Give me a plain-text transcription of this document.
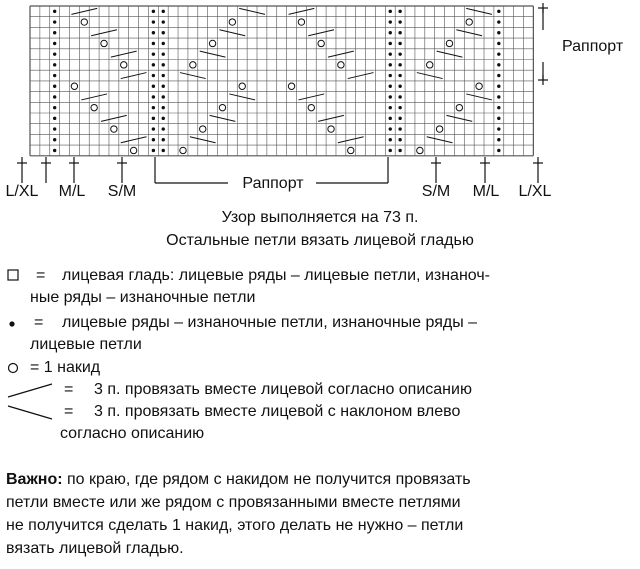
Раппорт
Раппорт
L/XL	M/L	S/M	S/M	M/L	L/XL
Узор выполняется на 73 п.
Остальные петли вязать лицевой гладью
= лицевая гладь: лицевые ряды – лицевые петли, изнаноч-
ные ряды – изнаночные петли
= лицевые ряды – изнаночные петли, изнаночные ряды –
лицевые петли
= 1 накид
= 3 п. провязать вместе лицевой согласно описанию
= 3 п. провязать вместе лицевой с наклоном влево
согласно описанию
Важно: по краю, где рядом с накидом не получится провязать
петли вместе или же рядом с провязанными вместе петлями
не получится сделать 1 накид, этого делать не нужно – петли
вязать лицевой гладью.
